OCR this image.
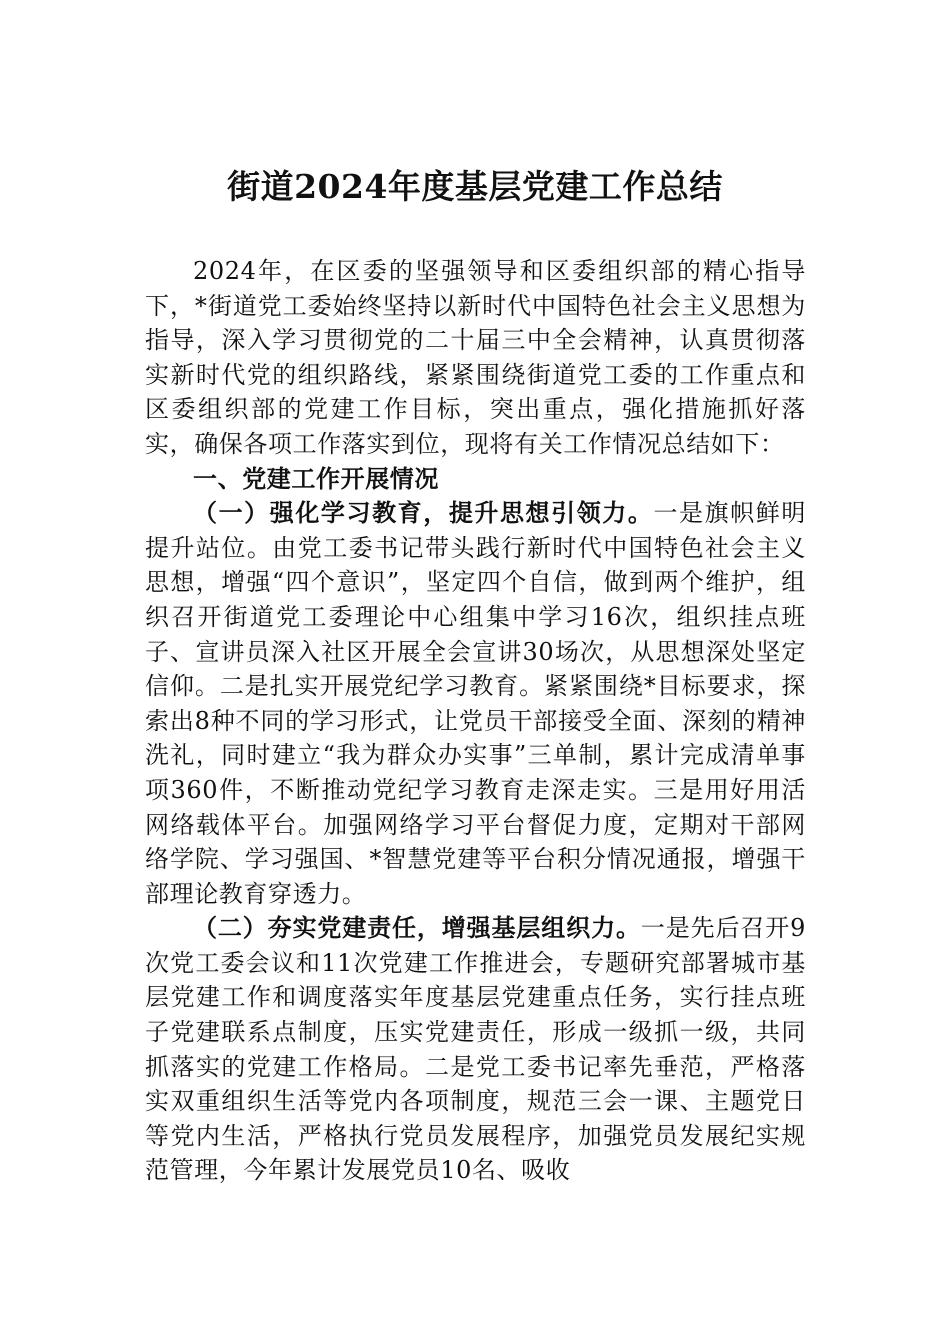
街道2024年度基层党建工作总结

2024年，在区委的坚强领导和区委组织部的精心指导下，*街道党工委始终坚持以新时代中国特色社会主义思想为指导，深入学习贯彻党的二十届三中全会精神，认真贯彻落实新时代党的组织路线，紧紧围绕街道党工委的工作重点和区委组织部的党建工作目标，突出重点，强化措施抓好落实，确保各项工作落实到位，现将有关工作情况总结如下：

一、党建工作开展情况

（一）强化学习教育，提升思想引领力。一是旗帜鲜明提升站位。由党工委书记带头践行新时代中国特色社会主义思想，增强“四个意识”，坚定四个自信，做到两个维护，组织召开街道党工委理论中心组集中学习16次，组织挂点班子、宣讲员深入社区开展全会宣讲30场次，从思想深处坚定信仰。二是扎实开展党纪学习教育。紧紧围绕*目标要求，探索出8种不同的学习形式，让党员干部接受全面、深刻的精神洗礼，同时建立“我为群众办实事”三单制，累计完成清单事项360件，不断推动党纪学习教育走深走实。三是用好用活网络载体平台。加强网络学习平台督促力度，定期对干部网络学院、学习强国、*智慧党建等平台积分情况通报，增强干部理论教育穿透力。

（二）夯实党建责任，增强基层组织力。一是先后召开9次党工委会议和11次党建工作推进会，专题研究部署城市基层党建工作和调度落实年度基层党建重点任务，实行挂点班子党建联系点制度，压实党建责任，形成一级抓一级，共同抓落实的党建工作格局。二是党工委书记率先垂范，严格落实双重组织生活等党内各项制度，规范三会一课、主题党日等党内生活，严格执行党员发展程序，加强党员发展纪实规范管理，今年累计发展党员10名、吸收
